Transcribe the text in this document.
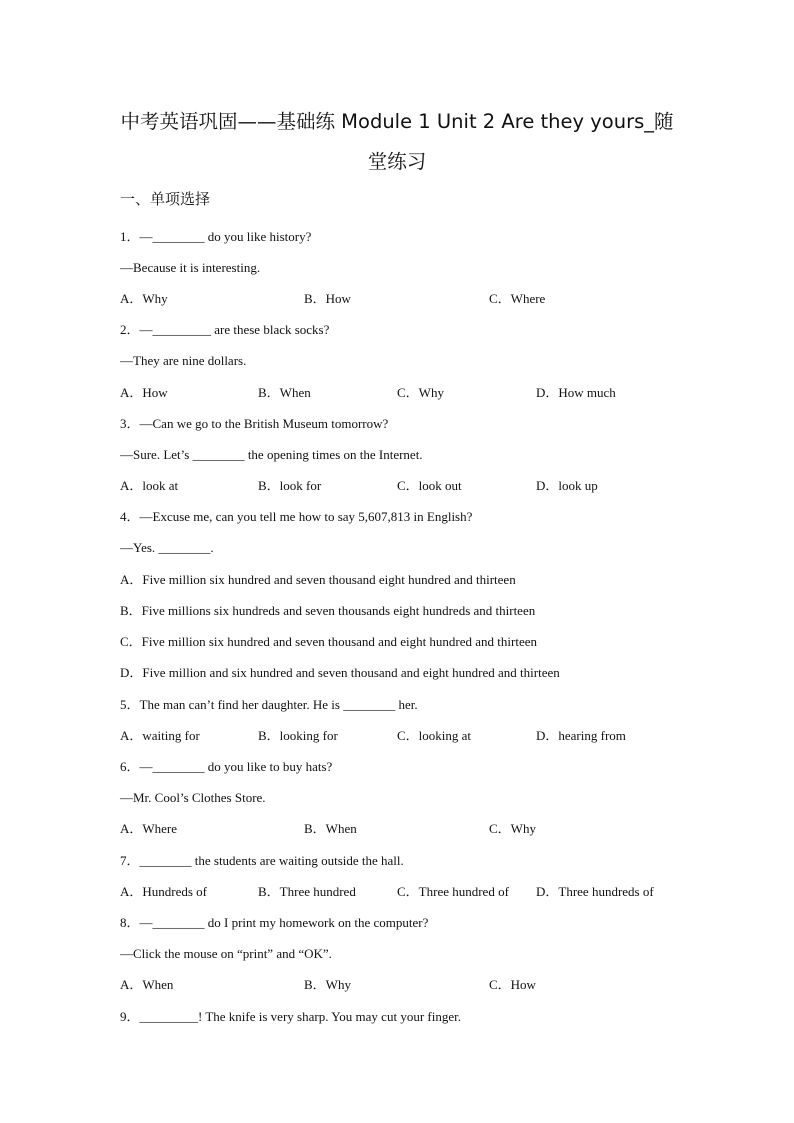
中考英语巩固——基础练 Module 1 Unit 2 Are they yours_随
堂练习
一、单项选择
1．—________ do you like history?
—Because it is interesting.
A．Why	B．How	C．Where
2．—_________ are these black socks?
—They are nine dollars.
A．How	B．When	C．Why	D．How much
3．—Can we go to the British Museum tomorrow?
—Sure. Let’s ________ the opening times on the Internet.
A．look at	B．look for	C．look out	D．look up
4．—Excuse me, can you tell me how to say 5,607,813 in English?
—Yes. ________.
A．Five million six hundred and seven thousand eight hundred and thirteen
B．Five millions six hundreds and seven thousands eight hundreds and thirteen
C．Five million six hundred and seven thousand and eight hundred and thirteen
D．Five million and six hundred and seven thousand and eight hundred and thirteen
5．The man can’t find her daughter. He is ________ her.
A．waiting for	B．looking for	C．looking at	D．hearing from
6．—________ do you like to buy hats?
—Mr. Cool’s Clothes Store.
A．Where	B．When	C．Why
7．________ the students are waiting outside the hall.
A．Hundreds of	B．Three hundred	C．Three hundred of D．Three hundreds of
8．—________ do I print my homework on the computer?
—Click the mouse on “print” and “OK”.
A．When	B．Why	C．How
9．_________! The knife is very sharp. You may cut your finger.
